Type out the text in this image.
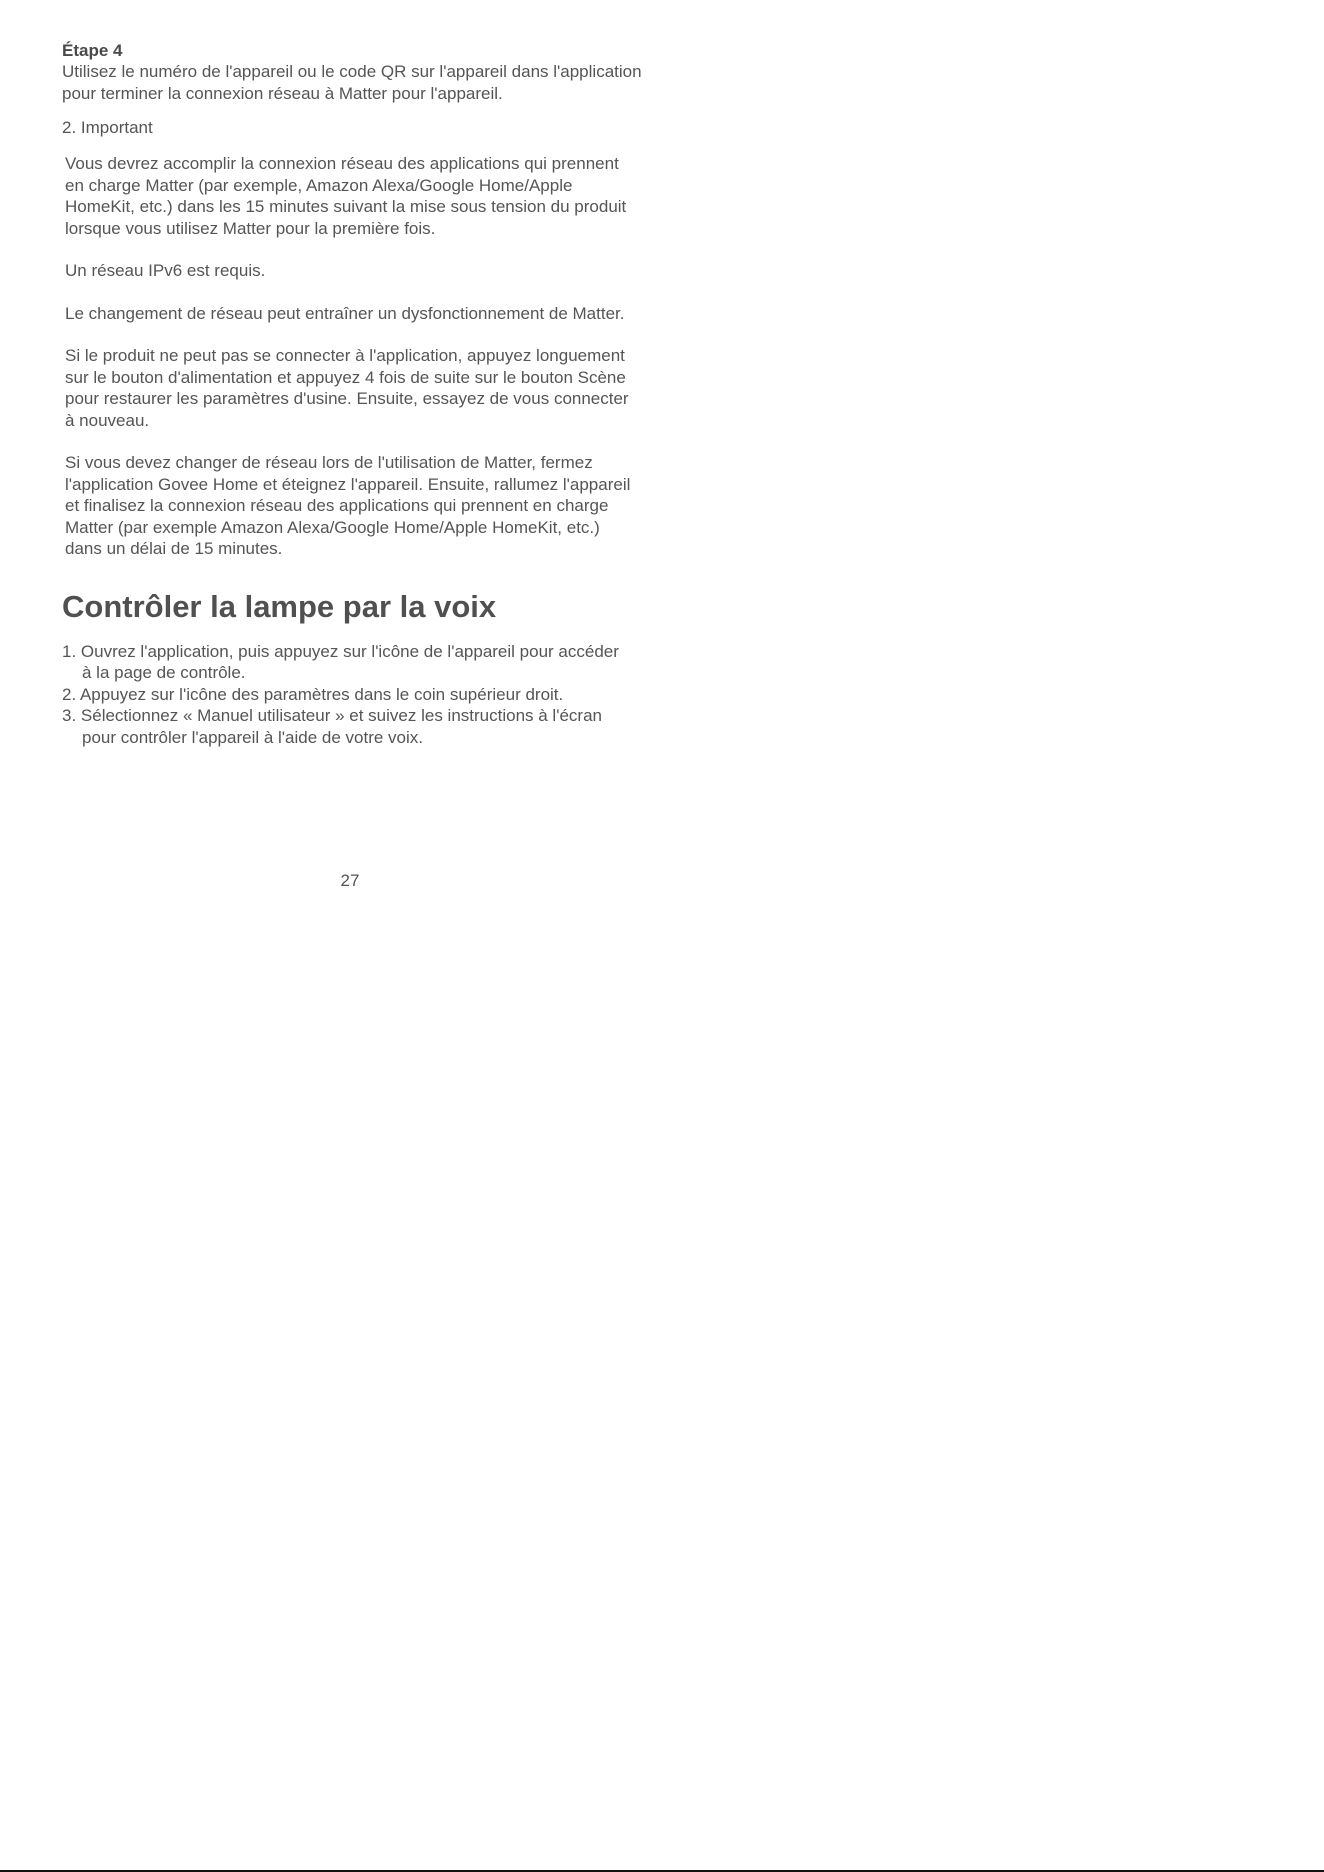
Étape 4

Utilisez le numéro de l'appareil ou le code QR sur l'appareil dans l'application pour terminer la connexion réseau à Matter pour l'appareil.

2. Important

Vous devrez accomplir la connexion réseau des applications qui prennent en charge Matter (par exemple, Amazon Alexa/Google Home/Apple HomeKit, etc.) dans les 15 minutes suivant la mise sous tension du produit lorsque vous utilisez Matter pour la première fois.

Un réseau IPv6 est requis.

Le changement de réseau peut entraîner un dysfonctionnement de Matter.

Si le produit ne peut pas se connecter à l'application, appuyez longuement sur le bouton d'alimentation et appuyez 4 fois de suite sur le bouton Scène pour restaurer les paramètres d'usine. Ensuite, essayez de vous connecter à nouveau.

Si vous devez changer de réseau lors de l'utilisation de Matter, fermez l'application Govee Home et éteignez l'appareil. Ensuite, rallumez l'appareil et finalisez la connexion réseau des applications qui prennent en charge Matter (par exemple Amazon Alexa/Google Home/Apple HomeKit, etc.) dans un délai de 15 minutes.

Contrôler la lampe par la voix
1. Ouvrez l'application, puis appuyez sur l'icône de l'appareil pour accéder à la page de contrôle.
2. Appuyez sur l'icône des paramètres dans le coin supérieur droit.
3. Sélectionnez « Manuel utilisateur » et suivez les instructions à l'écran pour contrôler l'appareil à l'aide de votre voix.
27
